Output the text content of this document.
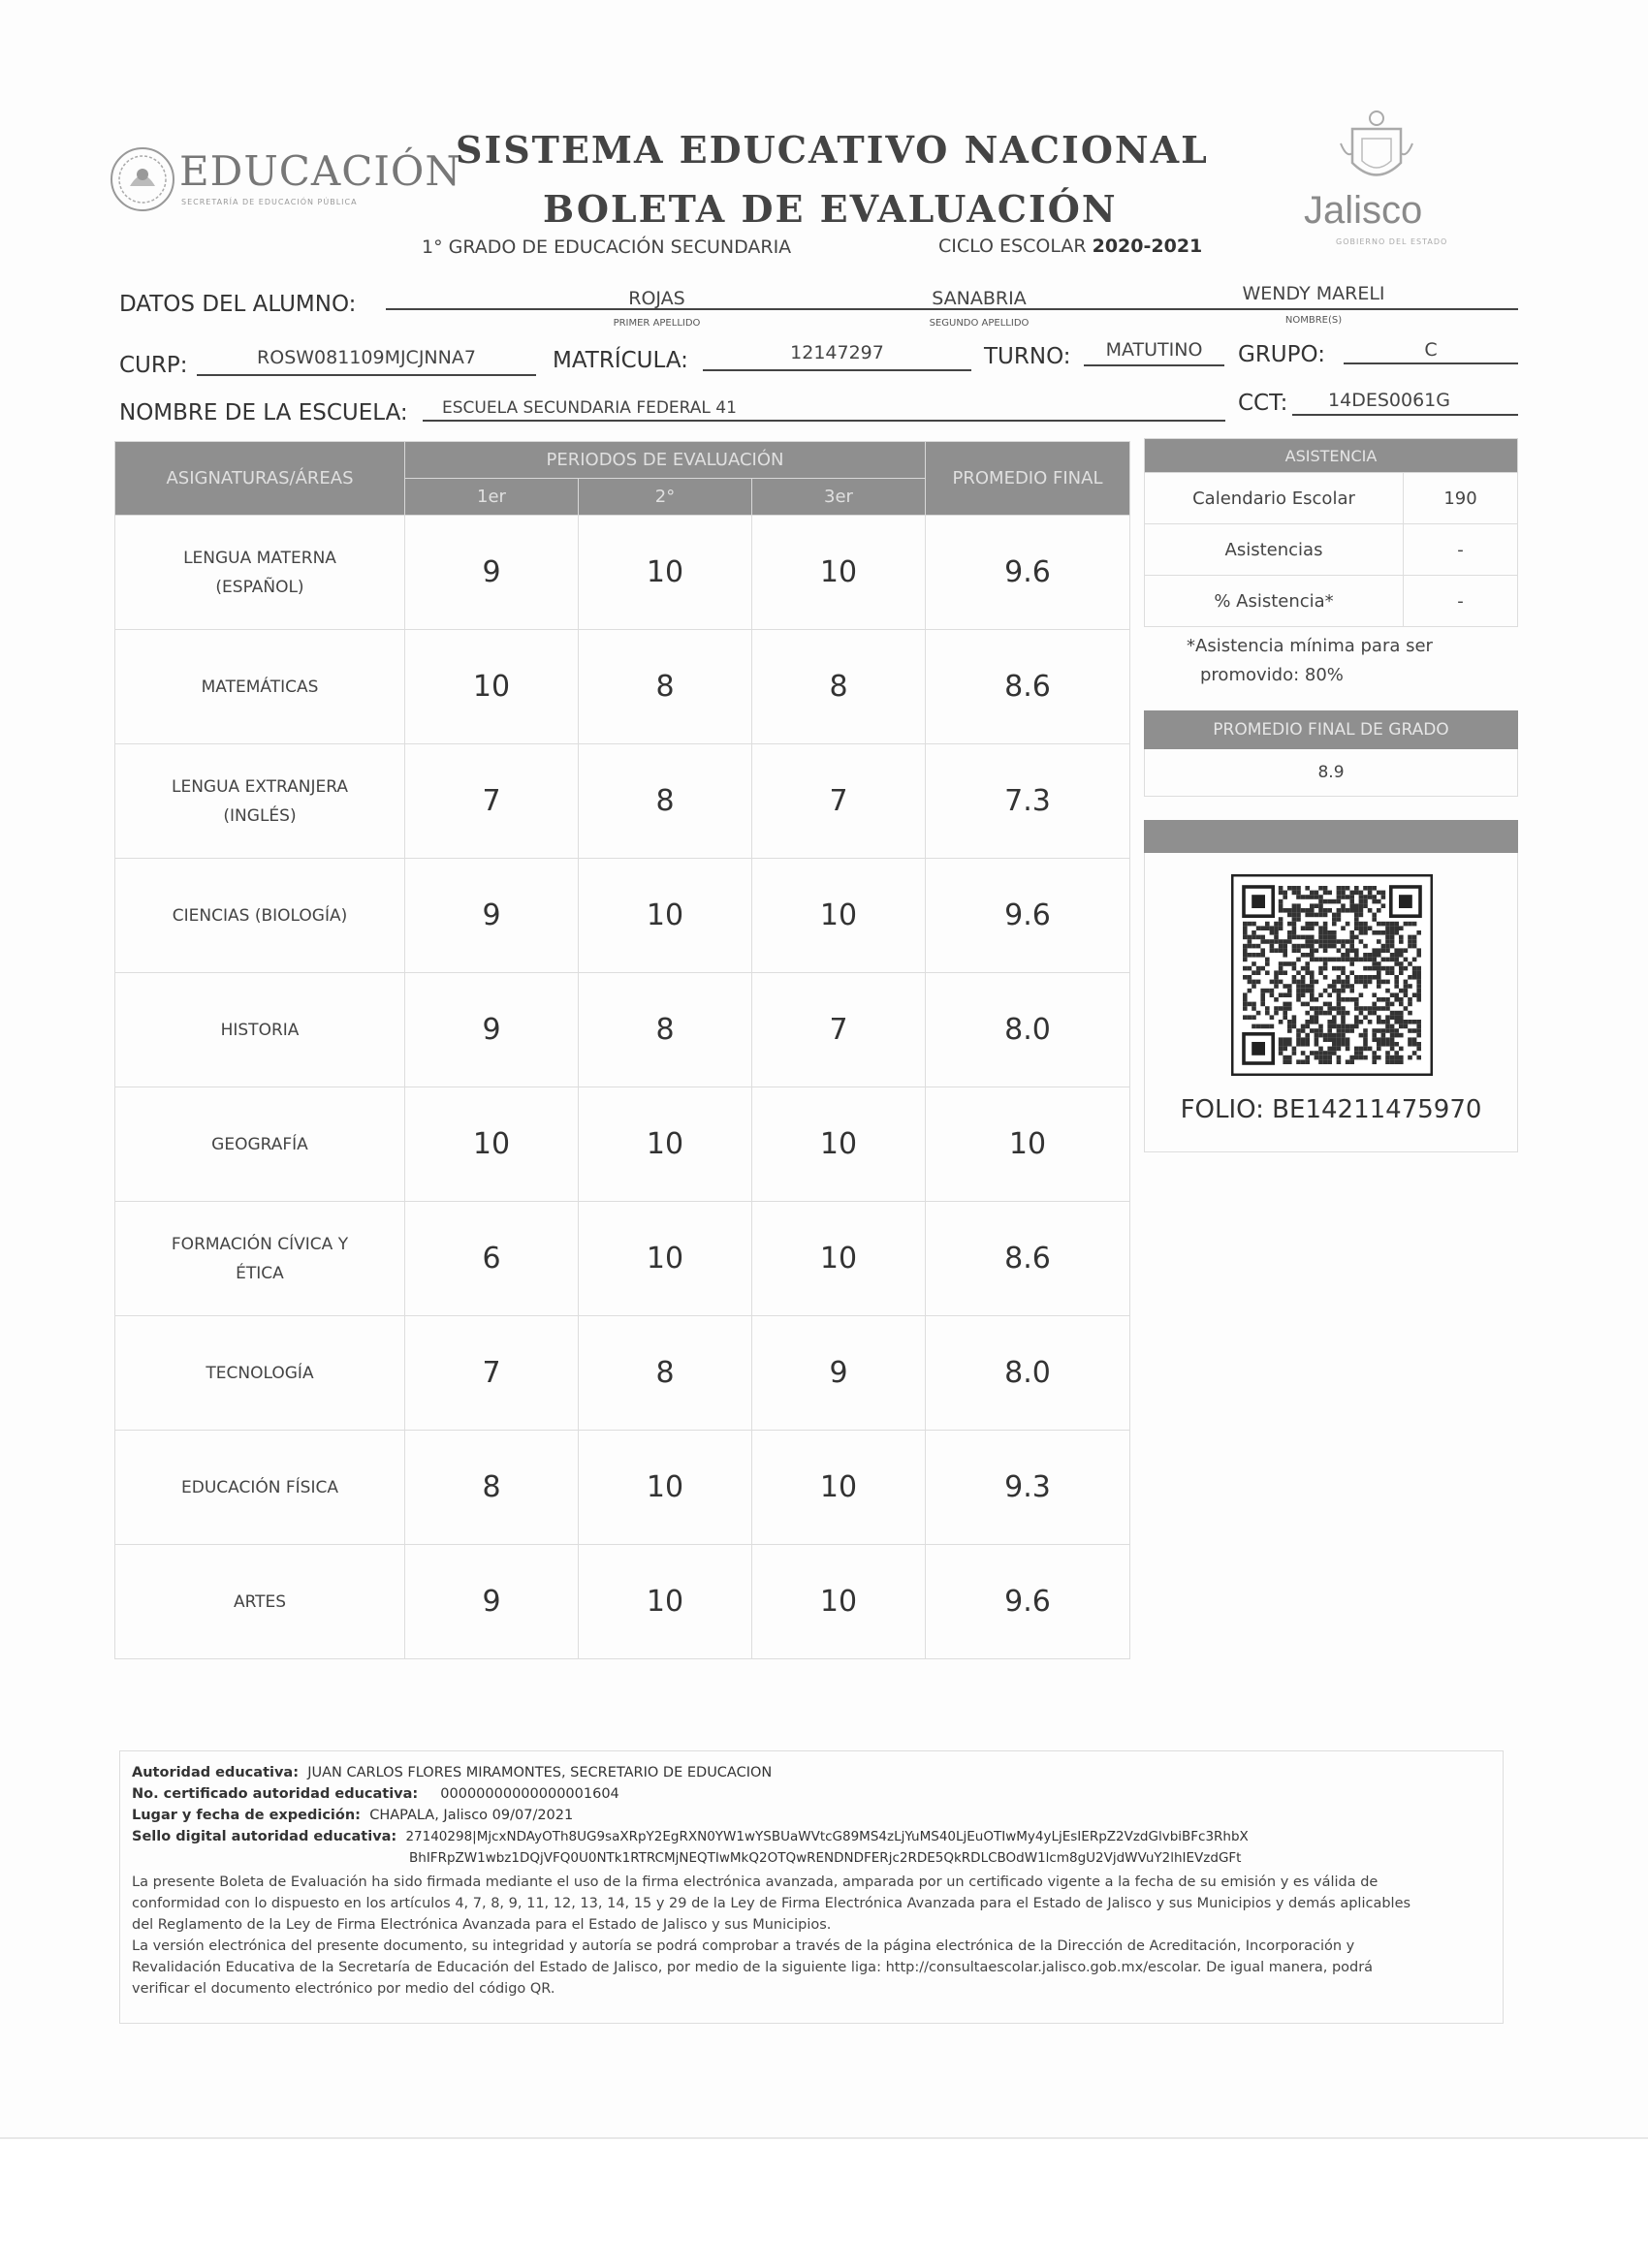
EDUCACIÓN
SECRETARÍA DE EDUCACIÓN PÚBLICA
SISTEMA EDUCATIVO NACIONAL
BOLETA DE EVALUACIÓN
1° GRADO DE EDUCACIÓN SECUNDARIA	CICLO ESCOLAR 2020-2021
Jalisco
GOBIERNO DEL ESTADO
DATOS DEL ALUMNO:	ROJAS
PRIMER APELLIDO
SANABRIA
SEGUNDO APELLIDO
WENDY MARELI
NOMBRE(S)
CURP:	ROSW081109MJCJNNA7	MATRÍCULA:	12147297	TURNO:	MATUTINO	GRUPO:	C
NOMBRE DE LA ESCUELA: ESCUELA SECUNDARIA FEDERAL 41	CCT:	14DES0061G
ASIGNATURAS/ÁREAS	PERIODOS DE EVALUACIÓN			PROMEDIO FINAL
	1er	2°	3er	

LENGUA MATERNA
(ESPAÑOL)	9	10	10	9.6

MATEMÁTICAS	10	8	8	8.6

LENGUA EXTRANJERA
(INGLÉS)	7	8	7	7.3

CIENCIAS (BIOLOGÍA)	9	10	10	9.6

HISTORIA	9	8	7	8.0

GEOGRAFÍA	10	10	10	10

FORMACIÓN CÍVICA Y
ÉTICA	6	10	10	8.6

TECNOLOGÍA	7	8	9	8.0

EDUCACIÓN FÍSICA	8	10	10	9.3

ARTES	9	10	10	9.6
ASISTENCIA	
Calendario Escolar	190
Asistencias	-
% Asistencia*	-
*Asistencia mínima para ser
promovido: 80%
PROMEDIO FINAL DE GRADO
8.9
FOLIO: BE14211475970
Autoridad educativa: JUAN CARLOS FLORES MIRAMONTES, SECRETARIO DE EDUCACION
No. certificado autoridad educativa: 00000000000000001604
Lugar y fecha de expedición: CHAPALA, Jalisco 09/07/2021
Sello digital autoridad educativa: 27140298|MjcxNDAyOTh8UG9saXRpY2EgRXN0YW1wYSBUaWVtcG89MS4zLjYuMS40LjEuOTIwMy4yLjEsIERpZ2VzdGlvbiBFc3RhbX
BhIFRpZW1wbz1DQjVFQ0U0NTk1RTRCMjNEQTIwMkQ2OTQwRENDNDFERjc2RDE5QkRDLCBOdW1lcm8gU2VjdWVuY2lhIEVzdGFt
La presente Boleta de Evaluación ha sido firmada mediante el uso de la firma electrónica avanzada, amparada por un certificado vigente a la fecha de su emisión y es válida de
conformidad con lo dispuesto en los artículos 4, 7, 8, 9, 11, 12, 13, 14, 15 y 29 de la Ley de Firma Electrónica Avanzada para el Estado de Jalisco y sus Municipios y demás aplicables
del Reglamento de la Ley de Firma Electrónica Avanzada para el Estado de Jalisco y sus Municipios.
La versión electrónica del presente documento, su integridad y autoría se podrá comprobar a través de la página electrónica de la Dirección de Acreditación, Incorporación y
Revalidación Educativa de la Secretaría de Educación del Estado de Jalisco, por medio de la siguiente liga: http://consultaescolar.jalisco.gob.mx/escolar. De igual manera, podrá
verificar el documento electrónico por medio del código QR.
